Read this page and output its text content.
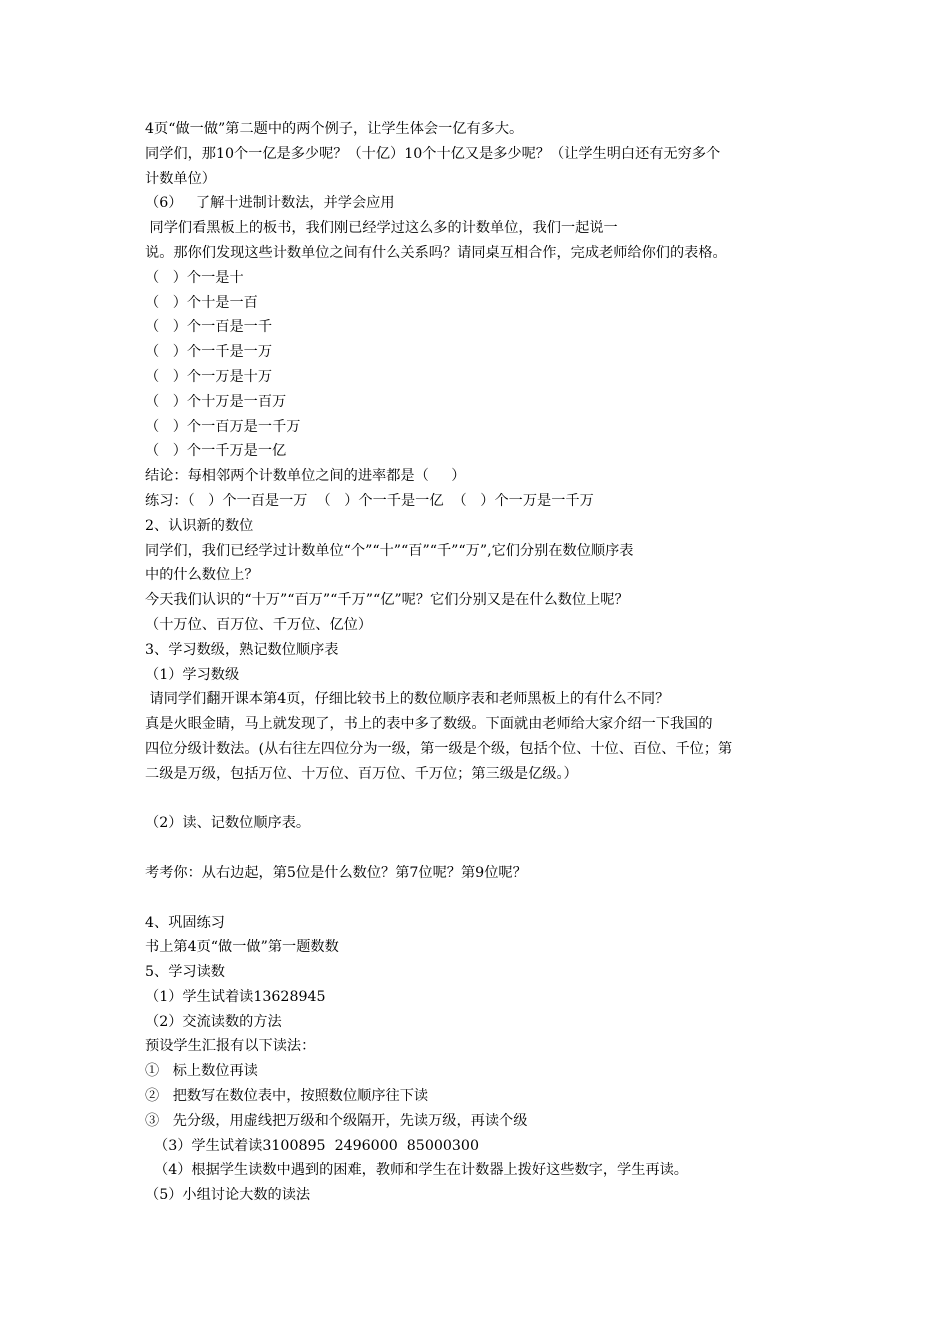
4页“做一做”第二题中的两个例子，让学生体会一亿有多大。
同学们，那10个一亿是多少呢？（十亿）10个十亿又是多少呢？（让学生明白还有无穷多个
计数单位）
（6）   了解十进制计数法，并学会应用
同学们看黑板上的板书，我们刚已经学过这么多的计数单位，我们一起说一
说。那你们发现这些计数单位之间有什么关系吗？请同桌互相合作，完成老师给你们的表格。
（   ）个一是十
（   ）个十是一百
（   ）个一百是一千
（   ）个一千是一万
（   ）个一万是十万
（   ）个十万是一百万
（   ）个一百万是一千万
（   ）个一千万是一亿
结论：每相邻两个计数单位之间的进率都是（     ）
练习：（   ）个一百是一万  （   ）个一千是一亿  （   ）个一万是一千万
2、认识新的数位
同学们，我们已经学过计数单位“个”“十”“百”“千”“万”,它们分别在数位顺序表
中的什么数位上？
今天我们认识的“十万”“百万”“千万”“亿”呢？它们分别又是在什么数位上呢？
（十万位、百万位、千万位、亿位）
3、学习数级，熟记数位顺序表
（1）学习数级
请同学们翻开课本第4页，仔细比较书上的数位顺序表和老师黑板上的有什么不同？
真是火眼金睛，马上就发现了，书上的表中多了数级。下面就由老师给大家介绍一下我国的
四位分级计数法。(从右往左四位分为一级，第一级是个级，包括个位、十位、百位、千位；第
二级是万级，包括万位、十万位、百万位、千万位；第三级是亿级。）
（2）读、记数位顺序表。
考考你：从右边起，第5位是什么数位？第7位呢？第9位呢？
4、巩固练习
书上第4页“做一做”第一题数数
5、学习读数
（1）学生试着读13628945
（2）交流读数的方法
预设学生汇报有以下读法：
①   标上数位再读
②   把数写在数位表中，按照数位顺序往下读
③   先分级，用虚线把万级和个级隔开，先读万级，再读个级
（3）学生试着读3100895  2496000  85000300
（4）根据学生读数中遇到的困难，教师和学生在计数器上拨好这些数字，学生再读。
（5）小组讨论大数的读法
